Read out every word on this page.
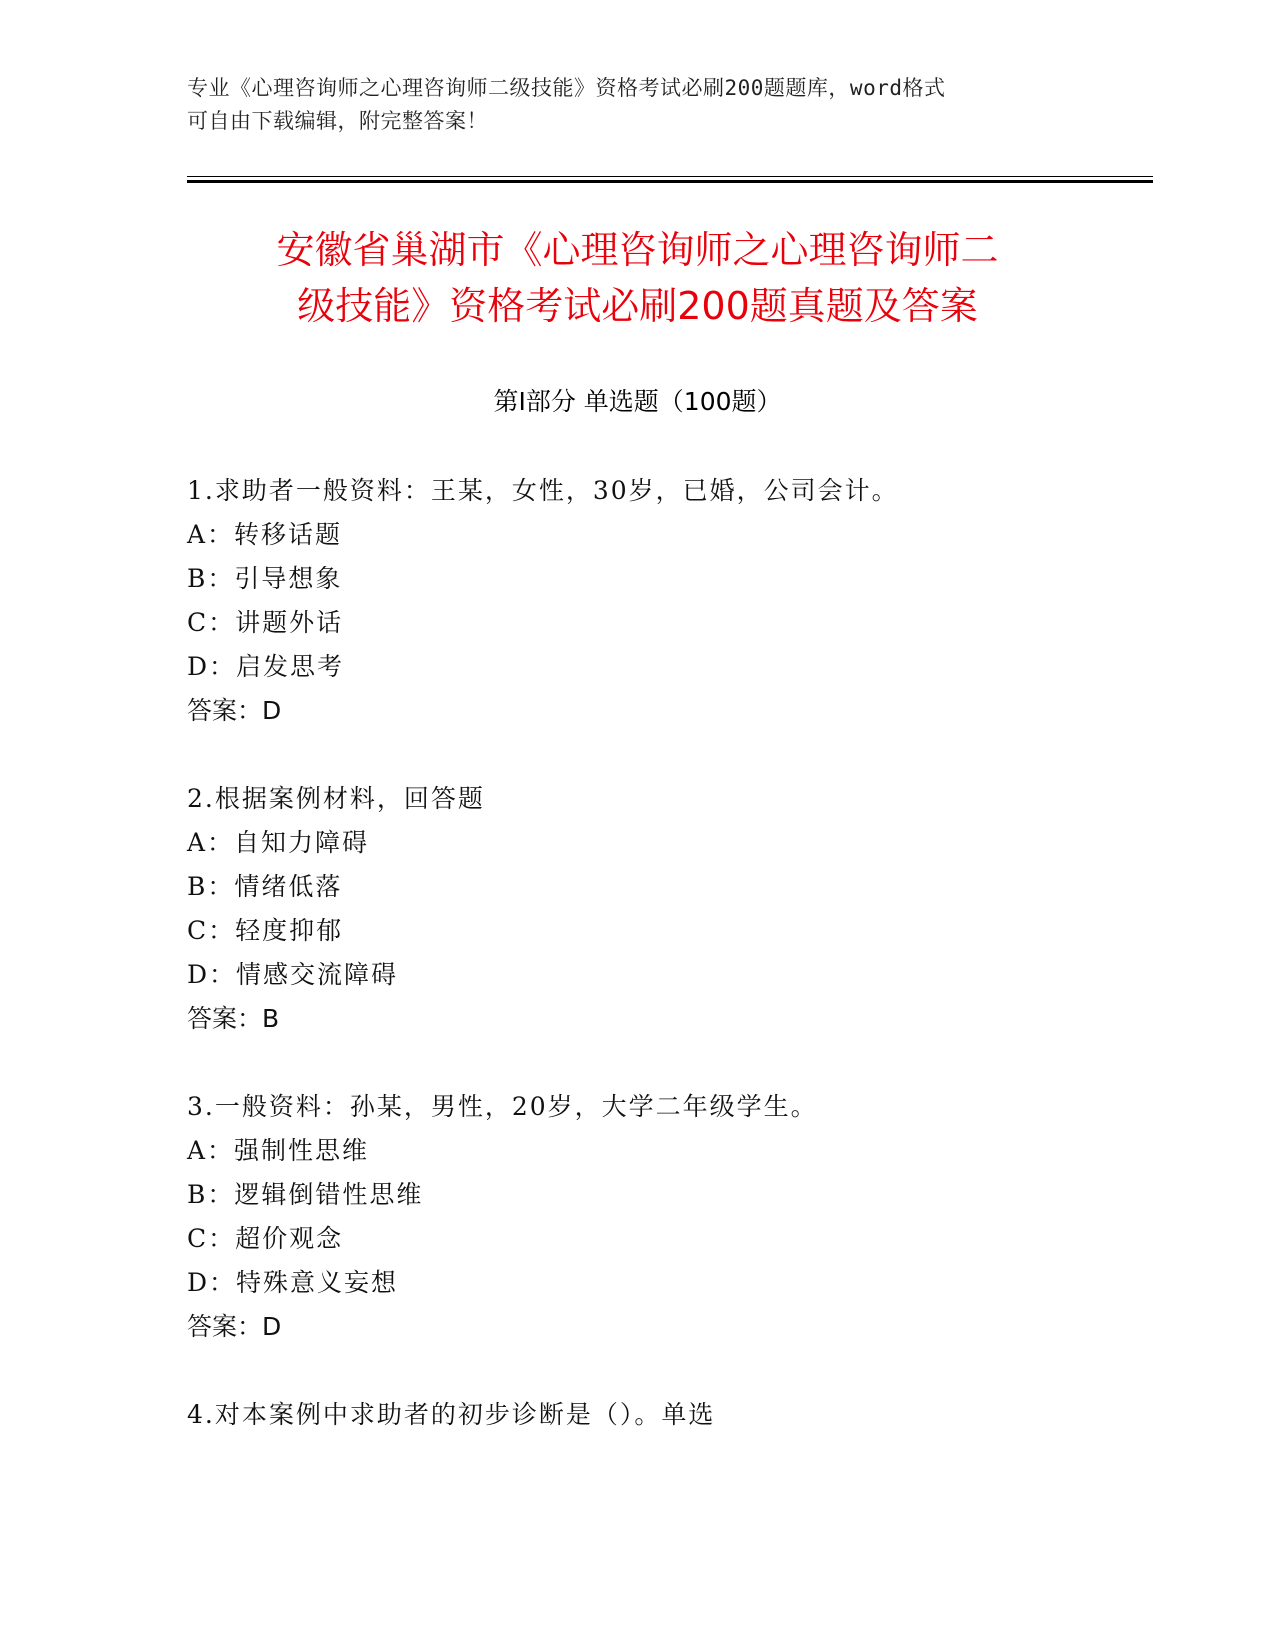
专业《心理咨询师之心理咨询师二级技能》资格考试必刷200题题库，word格式
可自由下载编辑，附完整答案！
安徽省巢湖市《心理咨询师之心理咨询师二
级技能》资格考试必刷200题真题及答案
第Ⅰ部分 单选题（100题）
1.求助者一般资料：王某，女性，30岁，已婚，公司会计。
A：转移话题
B：引导想象
C：讲题外话
D：启发思考
答案：D
2.根据案例材料，回答题
A：自知力障碍
B：情绪低落
C：轻度抑郁
D：情感交流障碍
答案：B
3.一般资料：孙某，男性，20岁，大学二年级学生。
A：强制性思维
B：逻辑倒错性思维
C：超价观念
D：特殊意义妄想
答案：D
4.对本案例中求助者的初步诊断是（）。单选
